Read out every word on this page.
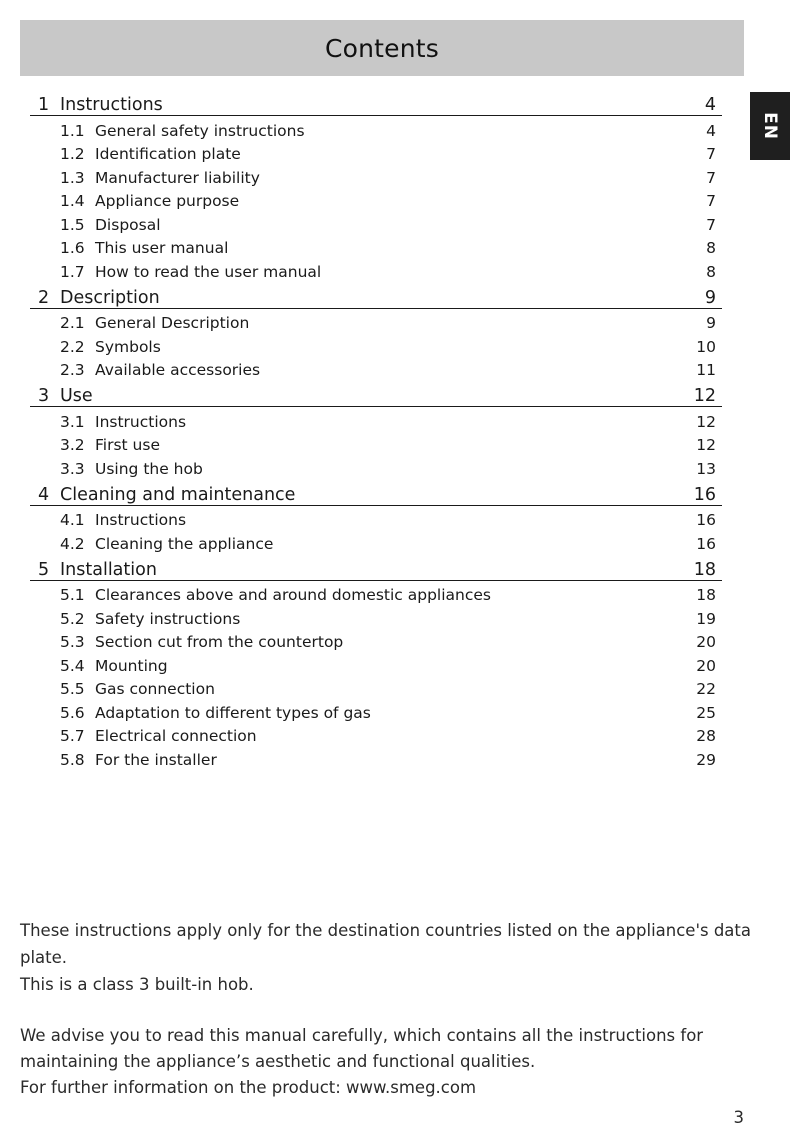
Contents
EN
1 Instructions	4
1.1 General safety instructions	4
1.2 Identification plate	7
1.3 Manufacturer liability	7
1.4 Appliance purpose	7
1.5 Disposal	7
1.6 This user manual	8
1.7 How to read the user manual	8
2 Description	9
2.1 General Description	9
2.2 Symbols	10
2.3 Available accessories	11
3 Use	12
3.1 Instructions	12
3.2 First use	12
3.3 Using the hob	13
4 Cleaning and maintenance	16
4.1 Instructions	16
4.2 Cleaning the appliance	16
5 Installation	18
5.1 Clearances above and around domestic appliances	18
5.2 Safety instructions	19
5.3 Section cut from the countertop	20
5.4 Mounting	20
5.5 Gas connection	22
5.6 Adaptation to different types of gas	25
5.7 Electrical connection	28
5.8 For the installer	29

These instructions apply only for the destination countries listed on the appliance's data plate.

This is a class 3 built-in hob.

We advise you to read this manual carefully, which contains all the instructions for

maintaining the appliance’s aesthetic and functional qualities.

For further information on the product: www.smeg.com

3
